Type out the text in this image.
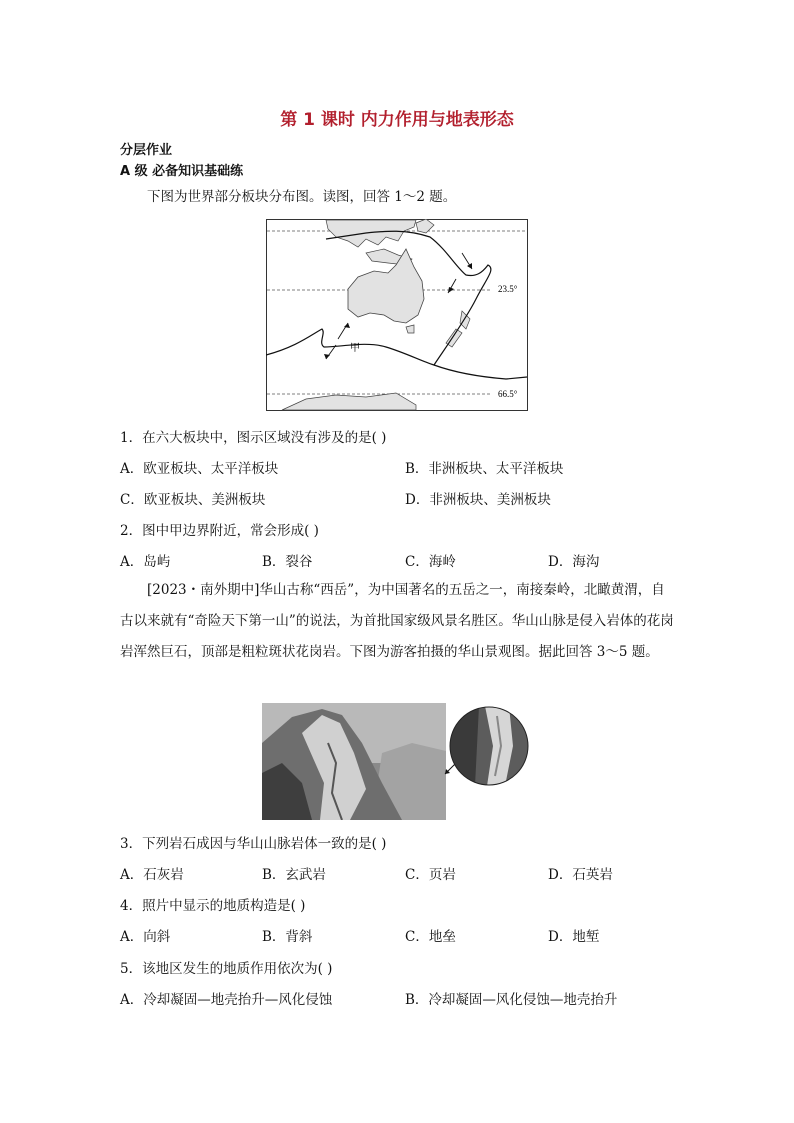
第 1 课时 内力作用与地表形态
分层作业
A 级 必备知识基础练
下图为世界部分板块分布图。读图，回答 1～2 题。
23.5°
66.5°
甲
1．在六大板块中，图示区域没有涉及的是( )
A．欧亚板块、太平洋板块	B．非洲板块、太平洋板块
C．欧亚板块、美洲板块	D．非洲板块、美洲板块
2．图中甲边界附近，常会形成( )
A．岛屿	B．裂谷	C．海岭	D．海沟
[2023・南外期中]华山古称“西岳”，为中国著名的五岳之一，南接秦岭，北瞰黄渭，自古以来就有“奇险天下第一山”的说法，为首批国家级风景名胜区。华山山脉是侵入岩体的花岗岩浑然巨石，顶部是粗粒斑状花岗岩。下图为游客拍摄的华山景观图。据此回答 3～5 题。
3．下列岩石成因与华山山脉岩体一致的是( )
A．石灰岩	B．玄武岩	C．页岩	D．石英岩
4．照片中显示的地质构造是( )
A．向斜	B．背斜	C．地垒	D．地堑
5．该地区发生的地质作用依次为( )
A．冷却凝固—地壳抬升—风化侵蚀	B．冷却凝固—风化侵蚀—地壳抬升
